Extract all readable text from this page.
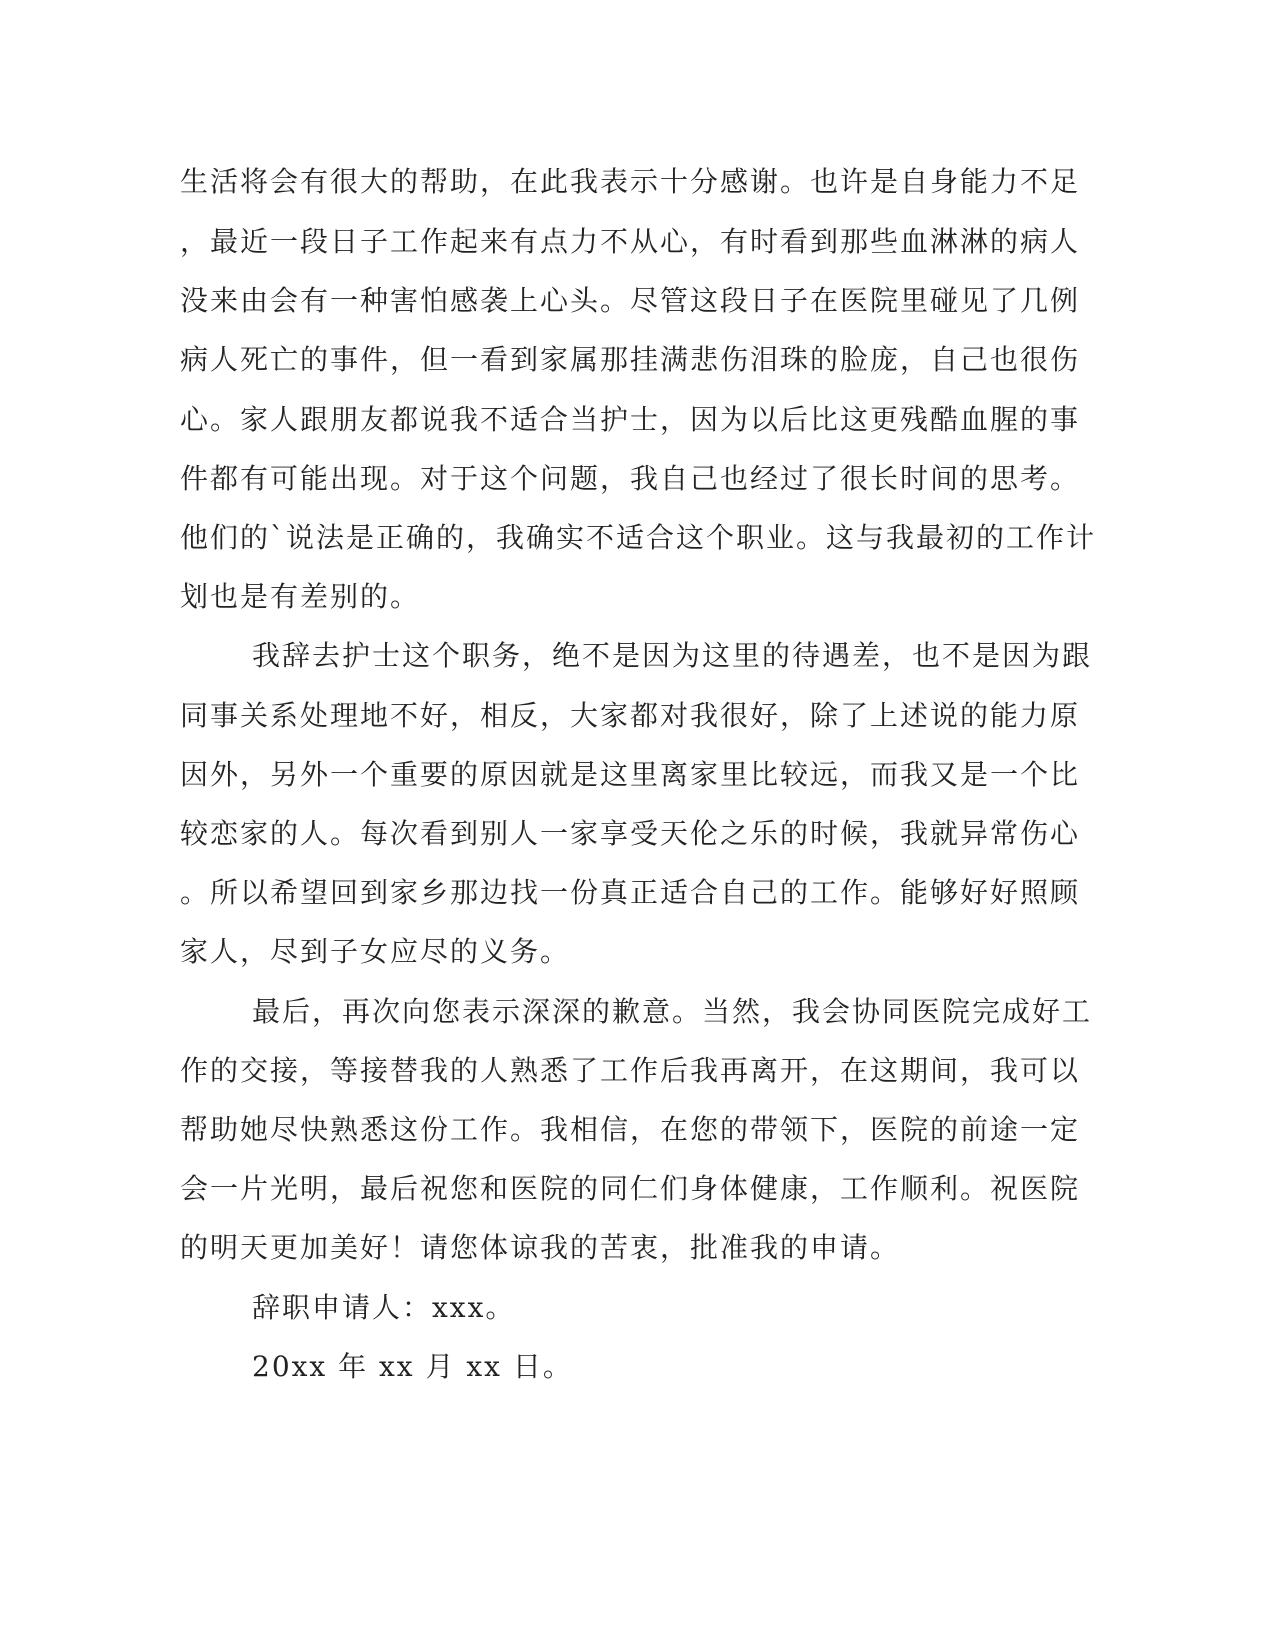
生活将会有很大的帮助，在此我表示十分感谢。也许是自身能力不足
，最近一段日子工作起来有点力不从心，有时看到那些血淋淋的病人
没来由会有一种害怕感袭上心头。尽管这段日子在医院里碰见了几例
病人死亡的事件，但一看到家属那挂满悲伤泪珠的脸庞，自己也很伤
心。家人跟朋友都说我不适合当护士，因为以后比这更残酷血腥的事
件都有可能出现。对于这个问题，我自己也经过了很长时间的思考。
他们的`说法是正确的，我确实不适合这个职业。这与我最初的工作计
划也是有差别的。
我辞去护士这个职务，绝不是因为这里的待遇差，也不是因为跟
同事关系处理地不好，相反，大家都对我很好，除了上述说的能力原
因外，另外一个重要的原因就是这里离家里比较远，而我又是一个比
较恋家的人。每次看到别人一家享受天伦之乐的时候，我就异常伤心
。所以希望回到家乡那边找一份真正适合自己的工作。能够好好照顾
家人，尽到子女应尽的义务。
最后，再次向您表示深深的歉意。当然，我会协同医院完成好工
作的交接，等接替我的人熟悉了工作后我再离开，在这期间，我可以
帮助她尽快熟悉这份工作。我相信，在您的带领下，医院的前途一定
会一片光明，最后祝您和医院的同仁们身体健康，工作顺利。祝医院
的明天更加美好！请您体谅我的苦衷，批准我的申请。
辞职申请人：xxx。
20xx 年 xx 月 xx 日。
